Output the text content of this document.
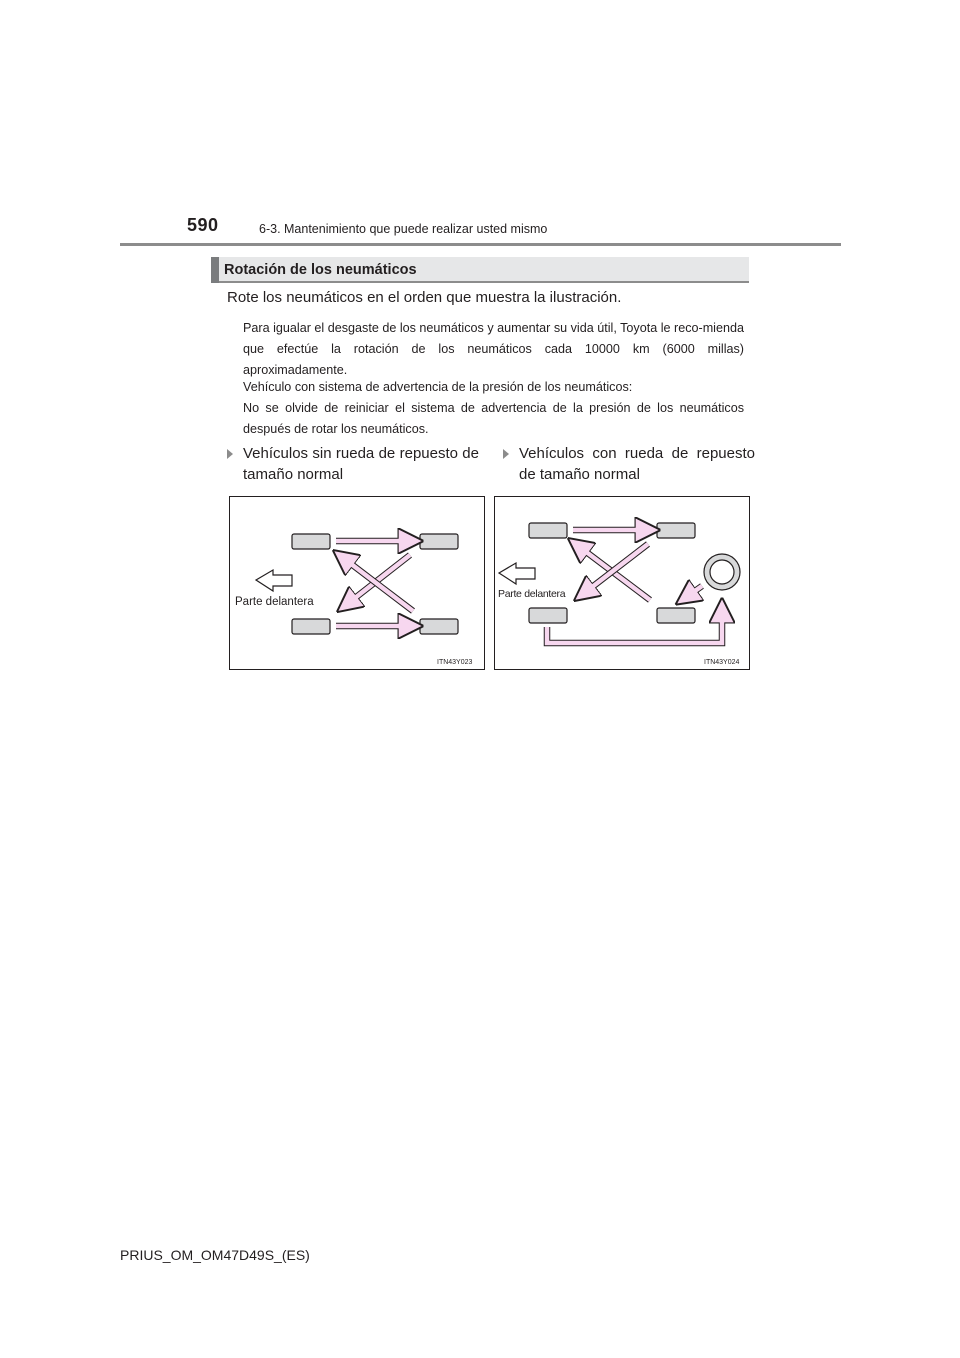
590	6-3. Mantenimiento que puede realizar usted mismo
Rotación de los neumáticos
Rote los neumáticos en el orden que muestra la ilustración.
Para igualar el desgaste de los neumáticos y aumentar su vida útil, Toyota le reco-mienda que efectúe la rotación de los neumáticos cada 10000 km (6000 millas) aproximadamente.
Vehículo con sistema de advertencia de la presión de los neumáticos:
No se olvide de reiniciar el sistema de advertencia de la presión de los neumáticos después de rotar los neumáticos.
Vehículos sin rueda de repuesto de tamaño normal
Vehículos con rueda de repuesto de tamaño normal
Parte delantera
ITN43Y023
Parte delantera
ITN43Y024
PRIUS_OM_OM47D49S_(ES)
